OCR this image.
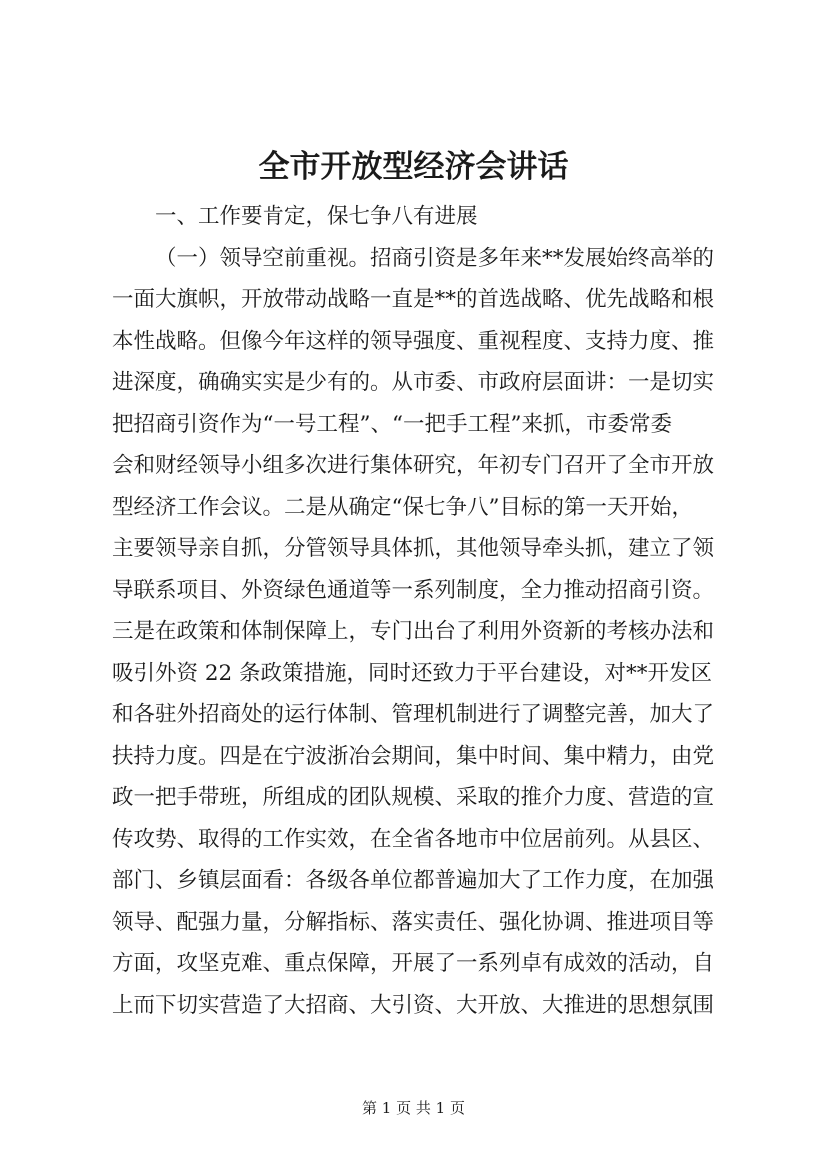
全市开放型经济会讲话
一、工作要肯定，保七争八有进展
（一）领导空前重视。招商引资是多年来**发展始终高举的
一面大旗帜，开放带动战略一直是**的首选战略、优先战略和根
本性战略。但像今年这样的领导强度、重视程度、支持力度、推
进深度，确确实实是少有的。从市委、市政府层面讲：一是切实
把招商引资作为“一号工程”、“一把手工程”来抓，市委常委
会和财经领导小组多次进行集体研究，年初专门召开了全市开放
型经济工作会议。二是从确定“保七争八”目标的第一天开始，
主要领导亲自抓，分管领导具体抓，其他领导牵头抓，建立了领
导联系项目、外资绿色通道等一系列制度，全力推动招商引资。
三是在政策和体制保障上，专门出台了利用外资新的考核办法和
吸引外资 22 条政策措施，同时还致力于平台建设，对**开发区
和各驻外招商处的运行体制、管理机制进行了调整完善，加大了
扶持力度。四是在宁波浙冶会期间，集中时间、集中精力，由党
政一把手带班，所组成的团队规模、采取的推介力度、营造的宣
传攻势、取得的工作实效，在全省各地市中位居前列。从县区、
部门、乡镇层面看：各级各单位都普遍加大了工作力度，在加强
领导、配强力量，分解指标、落实责任、强化协调、推进项目等
方面，攻坚克难、重点保障，开展了一系列卓有成效的活动，自
上而下切实营造了大招商、大引资、大开放、大推进的思想氛围
第 1 页 共 1 页
